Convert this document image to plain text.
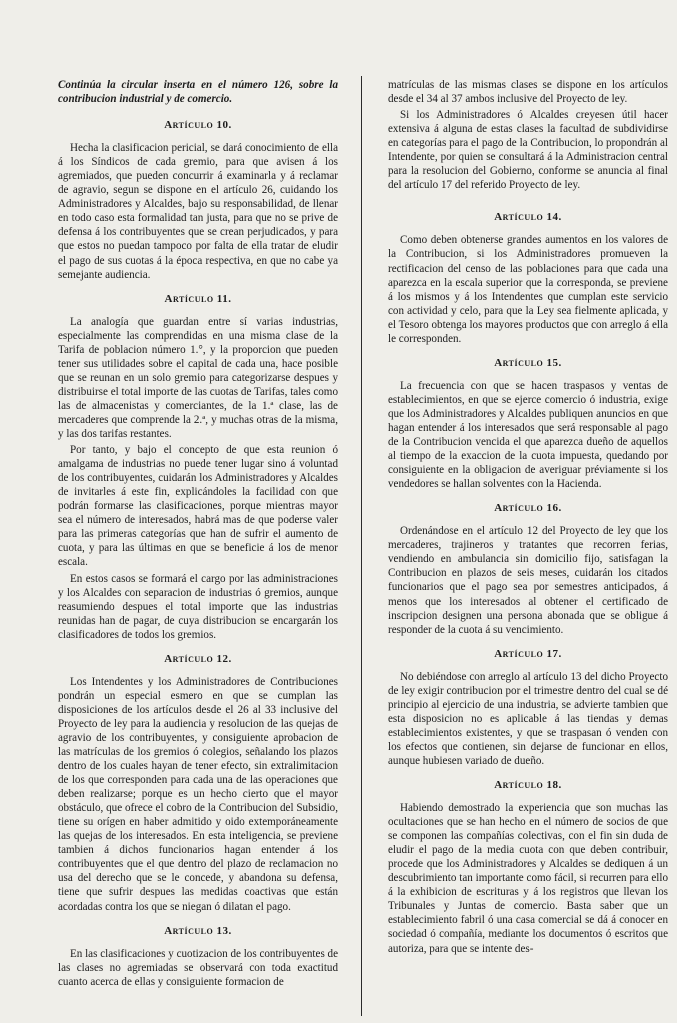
Continúa la circular inserta en el número 126, sobre la contribucion industrial y de comercio.

Artículo 10.

Hecha la clasificacion pericial, se dará conocimiento de ella á los Síndicos de cada gremio, para que avisen á los agremiados, que pueden concurrir á examinarla y á reclamar de agravio, segun se dispone en el artículo 26, cuidando los Administradores y Alcaldes, bajo su responsabilidad, de llenar en todo caso esta formalidad tan justa, para que no se prive de defensa á los contribuyentes que se crean perjudicados, y para que estos no puedan tampoco por falta de ella tratar de eludir el pago de sus cuotas á la época respectiva, en que no cabe ya semejante audiencia.

Artículo 11.

La analogía que guardan entre sí varias industrias, especialmente las comprendidas en una misma clase de la Tarifa de poblacion número 1.°, y la proporcion que pueden tener sus utilidades sobre el capital de cada una, hace posible que se reunan en un solo gremio para categorizarse despues y distribuirse el total importe de las cuotas de Tarifas, tales como las de almacenistas y comerciantes, de la 1.ª clase, las de mercaderes que comprende la 2.ª, y muchas otras de la misma, y las dos tarifas restantes.

Por tanto, y bajo el concepto de que esta reunion ó amalgama de industrias no puede tener lugar sino á voluntad de los contribuyentes, cuidarán los Administradores y Alcaldes de invitarles á este fin, explicándoles la facilidad con que podrán formarse las clasificaciones, porque mientras mayor sea el número de interesados, habrá mas de que poderse valer para las primeras categorías que han de sufrir el aumento de cuota, y para las últimas en que se beneficie á los de menor escala.

En estos casos se formará el cargo por las administraciones y los Alcaldes con separacion de industrias ó gremios, aunque reasumiendo despues el total importe que las industrias reunidas han de pagar, de cuya distribucion se encargarán los clasificadores de todos los gremios.

Artículo 12.

Los Intendentes y los Administradores de Contribuciones pondrán un especial esmero en que se cumplan las disposiciones de los artículos desde el 26 al 33 inclusive del Proyecto de ley para la audiencia y resolucion de las quejas de agravio de los contribuyentes, y consiguiente aprobacion de las matrículas de los gremios ó colegios, señalando los plazos dentro de los cuales hayan de tener efecto, sin extralimitacion de los que corresponden para cada una de las operaciones que deben realizarse; porque es un hecho cierto que el mayor obstáculo, que ofrece el cobro de la Contribucion del Subsidio, tiene su orígen en haber admitido y oido extemporáneamente las quejas de los interesados. En esta inteligencia, se previene tambien á dichos funcionarios hagan entender á los contribuyentes que el que dentro del plazo de reclamacion no usa del derecho que se le concede, y abandona su defensa, tiene que sufrir despues las medidas coactivas que están acordadas contra los que se niegan ó dilatan el pago.

Artículo 13.

En las clasificaciones y cuotizacion de los contribuyentes de las clases no agremiadas se observará con toda exactitud cuanto acerca de ellas y consiguiente formacion de

matrículas de las mismas clases se dispone en los artículos desde el 34 al 37 ambos inclusive del Proyecto de ley.

Si los Administradores ó Alcaldes creyesen útil hacer extensiva á alguna de estas clases la facultad de subdividirse en categorías para el pago de la Contribucion, lo propondrán al Intendente, por quien se consultará á la Administracion central para la resolucion del Gobierno, conforme se anuncia al final del artículo 17 del referido Proyecto de ley.

Artículo 14.

Como deben obtenerse grandes aumentos en los valores de la Contribucion, si los Administradores promueven la rectificacion del censo de las poblaciones para que cada una aparezca en la escala superior que la corresponda, se previene á los mismos y á los Intendentes que cumplan este servicio con actividad y celo, para que la Ley sea fielmente aplicada, y el Tesoro obtenga los mayores productos que con arreglo á ella le corresponden.

Artículo 15.

La frecuencia con que se hacen traspasos y ventas de establecimientos, en que se ejerce comercio ó industria, exige que los Administradores y Alcaldes publiquen anuncios en que hagan entender á los interesados que será responsable al pago de la Contribucion vencida el que aparezca dueño de aquellos al tiempo de la exaccion de la cuota impuesta, quedando por consiguiente en la obligacion de averiguar préviamente si los vendedores se hallan solventes con la Hacienda.

Artículo 16.

Ordenándose en el artículo 12 del Proyecto de ley que los mercaderes, trajineros y tratantes que recorren ferias, vendiendo en ambulancia sin domicilio fijo, satisfagan la Contribucion en plazos de seis meses, cuidarán los citados funcionarios que el pago sea por semestres anticipados, á menos que los interesados al obtener el certificado de inscripcion designen una persona abonada que se obligue á responder de la cuota á su vencimiento.

Artículo 17.

No debiéndose con arreglo al artículo 13 del dicho Proyecto de ley exigir contribucion por el trimestre dentro del cual se dé principio al ejercicio de una industria, se advierte tambien que esta disposicion no es aplicable á las tiendas y demas establecimientos existentes, y que se traspasan ó venden con los efectos que contienen, sin dejarse de funcionar en ellos, aunque hubiesen variado de dueño.

Artículo 18.

Habiendo demostrado la experiencia que son muchas las ocultaciones que se han hecho en el número de socios de que se componen las compañías colectivas, con el fin sin duda de eludir el pago de la media cuota con que deben contribuir, procede que los Administradores y Alcaldes se dediquen á un descubrimiento tan importante como fácil, si recurren para ello á la exhibicion de escrituras y á los registros que llevan los Tribunales y Juntas de comercio. Basta saber que un establecimiento fabril ó una casa comercial se dá á conocer en sociedad ó compañía, mediante los documentos ó escritos que autoriza, para que se intente des-
